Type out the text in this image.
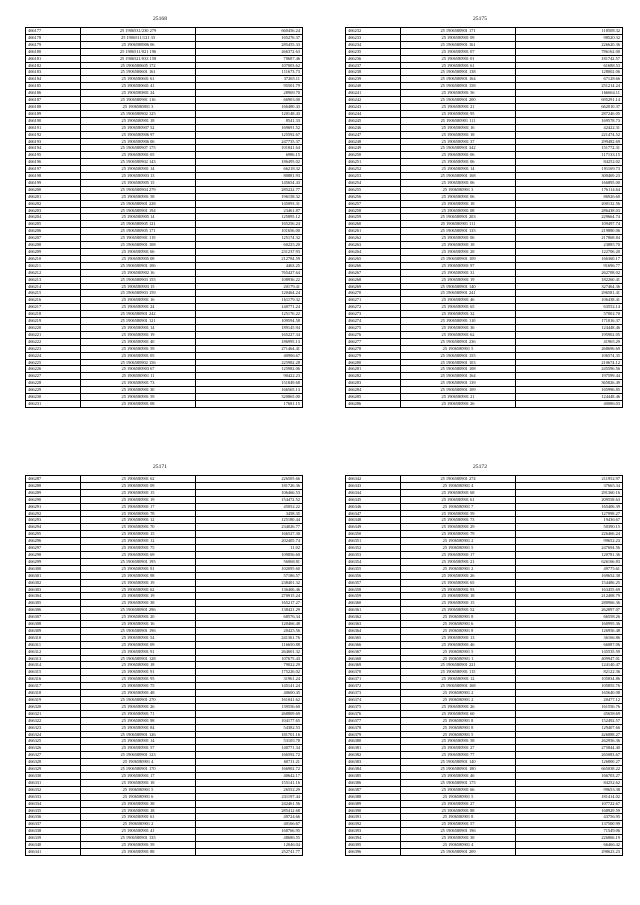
25168
466177	25 1906531/230 279	660456.24
466178	25 1906511/121 33	165276.37
466179	25 1906588906 06	285455.33
466180	25 1906511/021 196	266372.63
466181	25 1906521/033 158	70687.46
466182	25 1906580605 172	107003.62
466183	25 1906580601 161	111673.73
466184	25 1906580601 61	37265.11
466185	25 1906580601 41	95501.79
466186	25 1906580801 24	28969.70
466187	25 1906580901 116	66903.00
466188	25 1906580801 3	166480.43
466189	25 1906580902 125	120148.43
466190	25 1906580901 18	8541.33
466191	25 1906580907 52	169691.52
466192	25 1906580906 97	125592.67
466193	25 1906580906 06	247735.37
466194	25 1906580907 175	101841.64
466195	25 1906580901 05	6986.15
466196	25 1906580902 143	186495.02
466197	25 1906580901 14	66218.32
466198	25 1906580903 13	80881.93
466199	25 1906580905 15	145654.43
466200	25 1906580904 279	285222.77
466201	25 1906580901 58	196158.32
466202	25 1906580901 228	145093.31
466203	25 1906580901 194	23461.87
466204	25 1906580905 14	125895.12
466205	25 1906580905 121	165256.24
466206	25 1906580905 171	101656.00
466207	25 1906580901 119	125174.32
466208	25 1906580901 108	60225.20
466209	25 1906580901 66	231237.93
466210	25 1906580905 08	212784.59
466211	25 1906580901 106	4463.25
466212	25 1906580902 16	765427.64
466213	25 1906580903 155	108936.22
466214	25 1906580903 15	20179.41
466215	25 1906580903 159	120464.24
466216	25 1906580901 16	161179.32
466217	25 1906580901 24	140771.24
466218	25 1906580901 242	125176.22
466219	25 1906580901 121	109594.58
466220	25 1906580901 14	189145.94
466221	25 1906580901 19	165227.34
466222	25 1906580901 40	186995.13
466223	25 1906580901 59	271464.41
466224	25 1906580901 05	40906.67
466225	25 1906580902 156	225982.28
466226	25 1906580903 67	125982.06
466227	25 1906580901 11	90422.23
466228	25 1906580901 73	151849.68
466229	25 1906580901 30	166565.13
466230	25 1906580901 59	320865.00
466231	25 1906580901 08	17681.15
25175
466232	25 1906580901 171	118508.32
466233	25 1906580901 09	98520.32
466234	25 1906580901 161	226620.36
466235	25 1906580901 07	786162.00
466236	25 1906580901 01	181742.57
466237	25 1906580901 61	61688.53
466238	25 1906580901 138	128002.06
466239	25 1906580901 164	67128.66
466240	25 1906580901 158	251214.24
466241	25 1906580901 56	166664.11
466242	25 1906580901 200	695291.14
466243	25 1906580901 21	662010.37
466244	25 1906580901 95	287246.05
466245	25 1906580901 111	169578.73
466246	25 1906580901 16	42422.31
466247	25 1906580901 18	221474.52
466248	25 1906580901 37	299482.69
466249	25 1906580901 342	151772.31
466250	25 1906580901 06	117133.15
466251	25 1906580901 06	84252.02
466252	25 1906580901 14	191169.73
466253	25 1906580901 168	300469.23
466254	25 1906580901 06	166895.00
466255	25 1906580901 3	176114.64
466256	25 1906580901 06	86926.60
466257	25 1906580901 18	200132.56
466258	25 1906580901 08	286438.03
466259	25 1906580901 203	229664.74
466260	25 1906580901 111	109497.74
466261	25 1906580901 135	219880.06
466262	25 1906580901 06	217868.84
466263	25 1906580901 18	23885.70
466264	25 1906580901 28	122706.20
466265	25 1906580901 109	166360.17
466266	25 1906580901 97	91696.77
466267	25 1906580901 31	262708.02
466268	25 1906580901 19	182260.41
466269	25 1906580901 140	327464.36
466270	25 1906580901 241	296581.41
466271	25 1906580901 46	106438.41
466272	25 1906580901 65	63552.14
466273	25 1906580901 32	57002.70
466274	25 1906580901 110	171016.37
466275	25 1906580901 36	124448.46
466276	25 1906580901 62	195902.05
466277	25 1906580901 236	41965.29
466278	25 1906580901 5	268696.69
466279	25 1906580901 155	106574.35
466280	25 1906580901 103	210674.12
466281	25 1906580901 108	245596.56
466282	25 1906580901 164	197599.44
466283	25 1906580901 139	365826.49
466284	25 1906580901 109	165996.85
466285	25 1906580901 21	124448.46
466286	25 1906580901 26	40086.03
25171
466287	25 1906580901 62	226505.66
466288	25 1906580901 09	181726.36
466289	25 1906580901 15	106466.53
466290	25 1906580901 19	154472.52
466291	25 1906580901 17	45052.22
466292	25 1906580901 78	3458.35
466293	25 1906580901 12	125180.44
466294	25 1906580901 70	234026.77
466295	25 1906580901 15	166527.30
466296	25 1906580901 12	202405.74
466297	25 1906580901 75	11.02
466298	25 1906580901 69	109856.60
466299	25 1906580901 195	56068.81
466300	25 1906580901 91	102095.60
466301	25 1906580901 98	57186.57
466302	25 1906580901 19	238401.32
466303	25 1906580901 62	136406.46
466304	25 1906580901 19	270915.24
466305	25 1906580901 38	165217.27
466306	25 1906580901 296	138421.29
466307	25 1906580901 20	68576.34
466308	25 1906580901 16	120466.48
466309	25 1906580901 196	20425.56
466310	25 1906580901 54	241361.76
466311	25 1906580901 09	116650.88
466312	25 1906580901 91	264601.32
466313	25 1906580901 128	107675.43
466314	25 1906580901 18	79022.29
466315	25 1906580901 91	175226.02
466316	25 1906580901 95	31961.24
466317	25 1906580901 75	145141.24
466318	25 1906580901 48	40600.45
466319	25 1906580901 270	161041.62
466320	25 1906580901 26	139556.60
466321	25 1906580901 71	268809.69
466322	25 1906580901 98	104177.65
466323	25 1906580901 84	54382.53
466324	25 1906580901 126	181701.16
466325	25 1906580901 14	53105.78
466326	25 1906580901 57	140771.34
466327	25 1906580901 123	166592.72
466328	25 1906580901 4	60711.21
466329	25 1906580901 170	166902.72
466330	25 1906580901 17	40642.17
466331	25 1906580901 18	155141.16
466332	25 1906580901 5	26552.29
466333	25 1906580901 6	231197.44
466334	25 1906580901 38	242461.56
466335	25 1906580901 18	285412.68
466336	25 1906580901 61	49724.66
466337	25 1906580901 2	40166.67
466338	25 1906580901 41	168766.95
466339	25 1906580901 135	48686.55
466340	25 1906580901 59	12046.04
466341	25 1906580901 88	252741.77
25172
466342	25 1906580901 274	211952.97
466343	25 1906580901 4	37665.34
466344	25 1906580901 68	291360.16
466345	25 1906580901 61	209558.63
466346	25 1906580901 7	165406.39
466347	25 1906580901 59	127998.27
466348	25 1906580901 73	19436.67
466349	25 1906580901 29	50390.15
466350	25 1906580901 79	226466.24
466351	25 1906580901 2	99652.23
466352	25 1906580901 5	247694.56
466353	25 1906580901 17	120781.36
466354	25 1906580901 21	626166.83
466355	25 1906580901 2	49775.61
466356	25 1906580901 26	169652.38
466357	25 1906580901 65	154486.25
466358	25 1906580901 93	163455.69
466359	25 1906580901 18	212408.79
466360	25 1906580901 15	280966.36
466361	25 1906580901 52	262897.07
466362	25 1906580901 8	66558.26
466363	25 1906580901 6	160995.36
466364	25 1906580901 8	126956.48
466365	25 1906580901 13	36166.86
466366	25 1906580901 46	66087.06
466367	25 1906580901 5	145535.59
466368	25 1906580901 1	409947.01
466369	25 1906580901 221	124140.47
466370	25 1906580901 115	82122.36
466371	25 1906580901 12	105834.86
466372	25 1906580901 168	105855.76
466373	25 1906580901 2	165640.08
466374	25 1906580901 2	20477.12
466375	25 1906580901 26	161556.76
466376	25 1906580901 60	45658.69
466377	25 1906580901 8	152492.57
466378	25 1906580901 8	129407.66
466379	25 1906580901 5	426088.27
466380	25 1906580901 58	262956.36
466381	25 1906580901 27	275844.40
466382	25 1906580901 77	265083.67
466383	25 1906580901 140	126800.27
466384	25 1906580901 180	665038.22
466385	25 1906580901 46	166703.27
466386	25 1906580901 175	84252.62
466387	25 1906580901 66	99653.38
466388	25 1906580901 5	181414.02
466389	25 1906580901 27	107722.67
466390	25 1906580901 88	168929.59
466391	25 1906580901 8	43756.95
466392	25 1906580901 57	137500.99
466393	25 1906580901 196	71549.06
466394	25 1906580901 38	226866.19
466395	25 1906580901 4	66466.42
466396	25 1906580901 209	298623.23
